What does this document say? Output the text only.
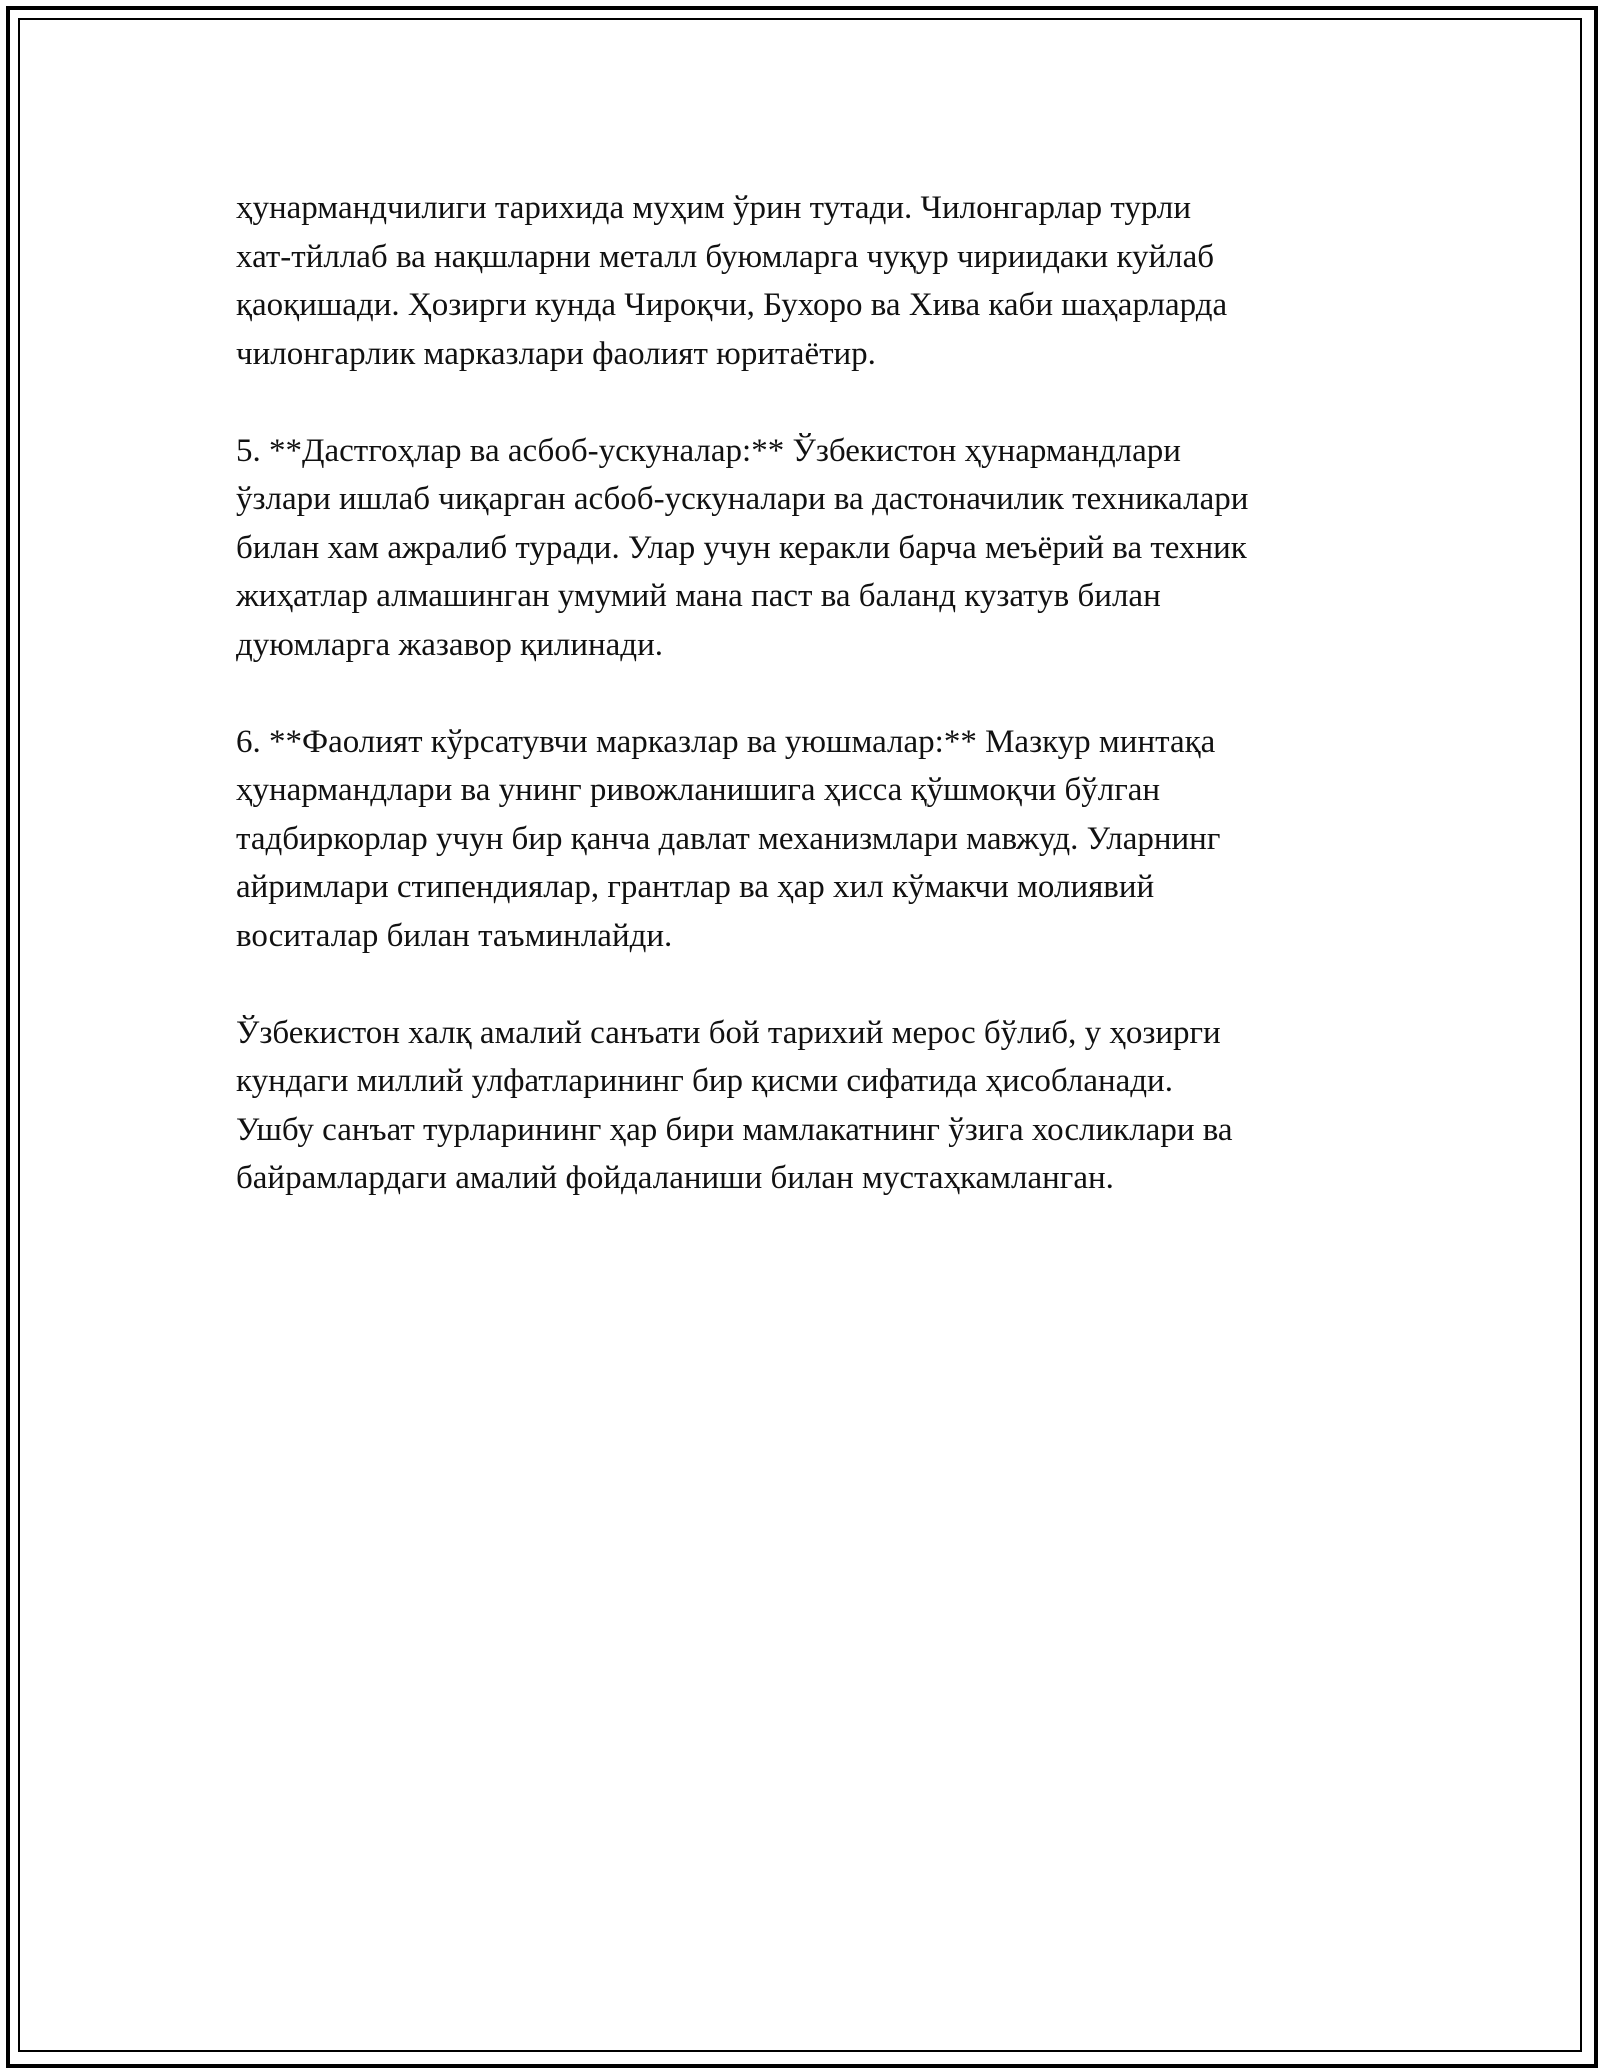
ҳунармандчилиги тарихида муҳим ўрин тутади. Чилонгарлар турли
хат-тйллаб ва нақшларни металл буюмларга чуқур чириидаки куйлаб
қаоқишади. Ҳозирги кунда Чироқчи, Бухоро ва Хива каби шаҳарларда
чилонгарлик марказлари фаолият юритаётир.

5. **Дастгоҳлар ва асбоб-ускуналар:** Ўзбекистон ҳунармандлари
ўзлари ишлаб чиқарган асбоб-ускуналари ва дастоначилик техникалари
билан хам ажралиб туради. Улар учун керакли барча меъёрий ва техник
жиҳатлар алмашинган умумий мана паст ва баланд кузатув билан
дуюмларга жазавор қилинади.

6. **Фаолият кўрсатувчи марказлар ва уюшмалар:** Мазкур минтақа
ҳунармандлари ва унинг ривожланишига ҳисса қўшмоқчи бўлган
тадбиркорлар учун бир қанча давлат механизмлари мавжуд. Уларнинг
айримлари стипендиялар, грантлар ва ҳар хил кўмакчи молиявий
воситалар билан таъминлайди.

Ўзбекистон халқ амалий санъати бой тарихий мерос бўлиб, у ҳозирги
кундаги миллий улфатларининг бир қисми сифатида ҳисобланади.
Ушбу санъат турларининг ҳар бири мамлакатнинг ўзига хосликлари ва
байрамлардаги амалий фойдаланиши билан мустаҳкамланган.
